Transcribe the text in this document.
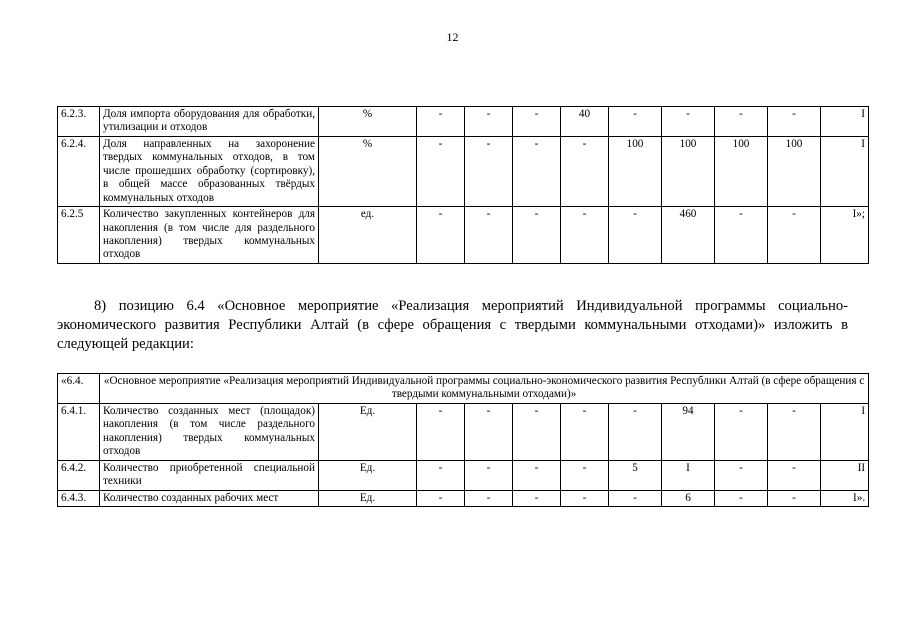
12
6.2.3.	Доля импорта оборудования для обработки, утилизации и отходов	%	-	-	-	40	-	-	-	-	I
6.2.4.	Доля направленных на захоронение твердых коммунальных отходов, в том числе прошедших обработку (сортировку), в общей массе образованных твёрдых коммунальных отходов	%	-	-	-	-	100	100	100	100	I
6.2.5	Количество закупленных контейнеров для накопления (в том числе для раздельного накопления) твердых коммунальных отходов	ед.	-	-	-	-	-	460	-	-	I»;
8) позицию 6.4 «Основное мероприятие «Реализация мероприятий Индивидуальной программы социально-экономического развития Республики Алтай (в сфере обращения с твердыми коммунальными отходами)» изложить в следующей редакции:
«6.4.	«Основное мероприятие «Реализация мероприятий Индивидуальной программы социально-экономического развития Республики Алтай (в сфере обращения с твердыми коммунальными отходами)»										
6.4.1.	Количество созданных мест (площадок) накопления (в том числе раздельного накопления) твердых коммунальных отходов	Ед.	-	-	-	-	-	94	-	-	I
6.4.2.	Количество приобретенной специальной техники	Ед.	-	-	-	-	5	I	-	-	II
6.4.3.	Количество созданных рабочих мест	Ед.	-	-	-	-	-	6	-	-	I».
